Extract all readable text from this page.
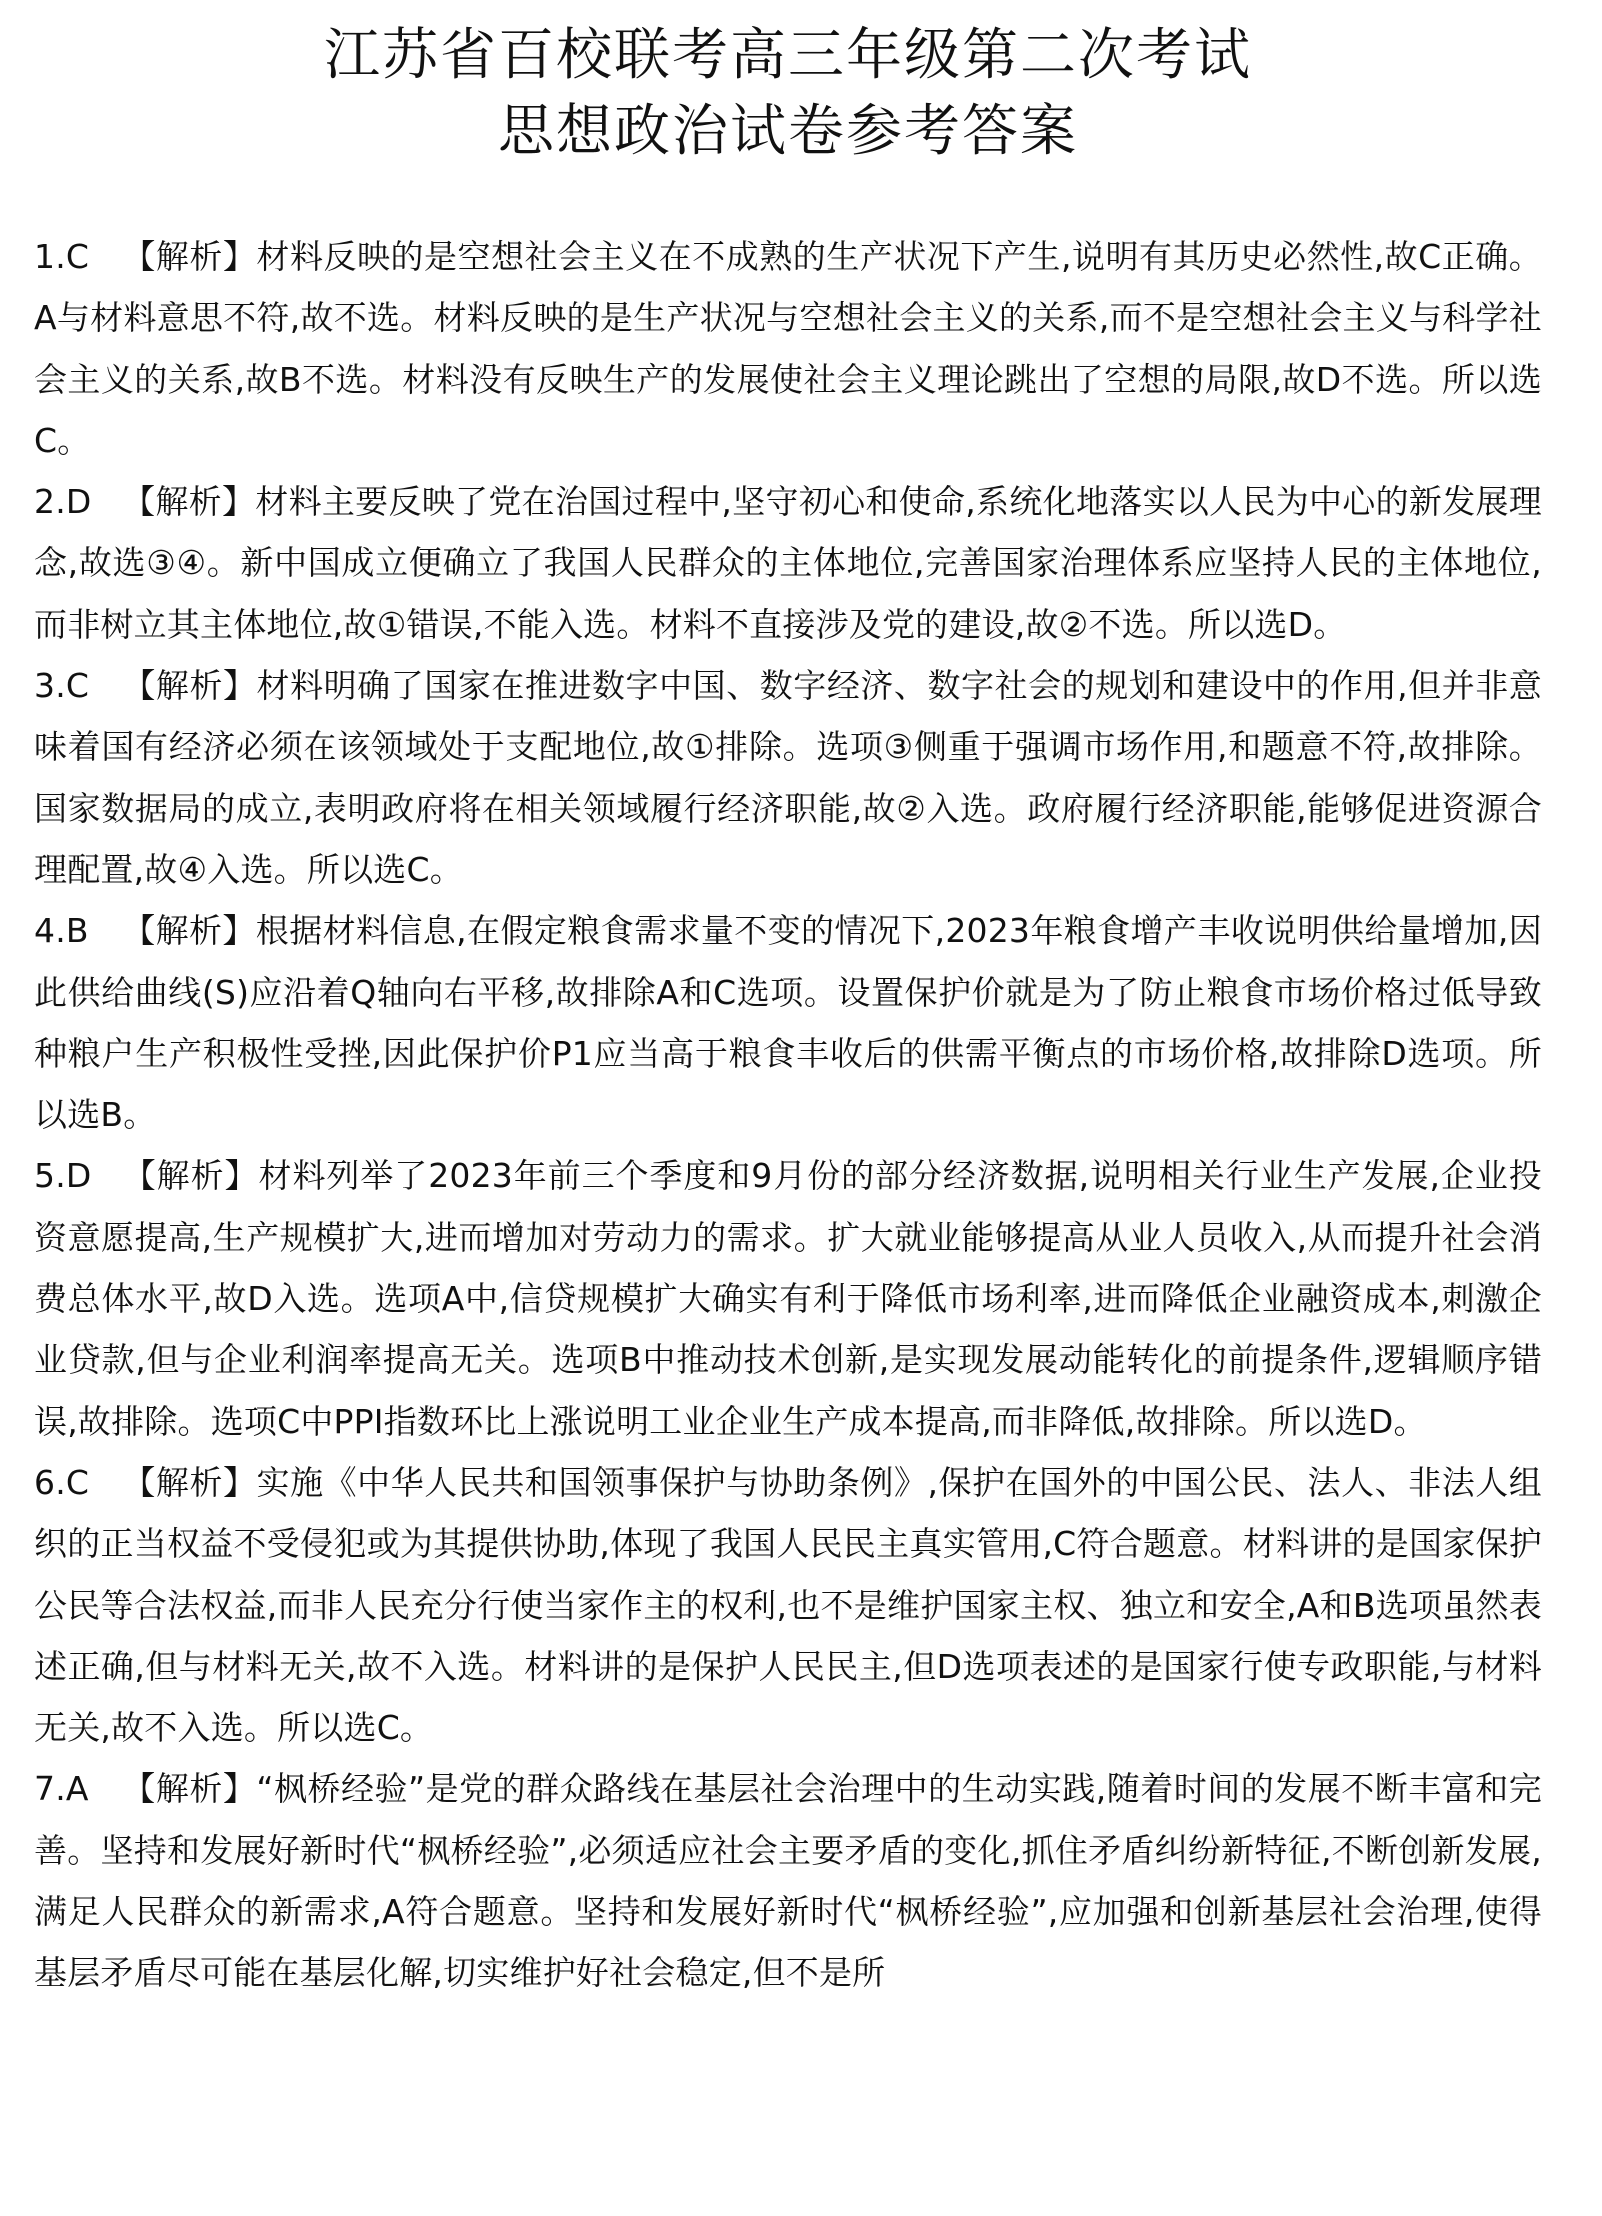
江苏省百校联考高三年级第二次考试
思想政治试卷参考答案
1.C 【解析】材料反映的是空想社会主义在不成熟的生产状况下产生,说明有其历史必然性,故C正确。A与材料意思不符,故不选。材料反映的是生产状况与空想社会主义的关系,而不是空想社会主义与科学社会主义的关系,故B不选。材料没有反映生产的发展使社会主义理论跳出了空想的局限,故D不选。所以选C。
2.D 【解析】材料主要反映了党在治国过程中,坚守初心和使命,系统化地落实以人民为中心的新发展理念,故选③④。新中国成立便确立了我国人民群众的主体地位,完善国家治理体系应坚持人民的主体地位,而非树立其主体地位,故①错误,不能入选。材料不直接涉及党的建设,故②不选。所以选D。
3.C 【解析】材料明确了国家在推进数字中国、数字经济、数字社会的规划和建设中的作用,但并非意味着国有经济必须在该领域处于支配地位,故①排除。选项③侧重于强调市场作用,和题意不符,故排除。国家数据局的成立,表明政府将在相关领域履行经济职能,故②入选。政府履行经济职能,能够促进资源合理配置,故④入选。所以选C。
4.B 【解析】根据材料信息,在假定粮食需求量不变的情况下,2023年粮食增产丰收说明供给量增加,因此供给曲线(S)应沿着Q轴向右平移,故排除A和C选项。设置保护价就是为了防止粮食市场价格过低导致种粮户生产积极性受挫,因此保护价P1应当高于粮食丰收后的供需平衡点的市场价格,故排除D选项。所以选B。
5.D 【解析】材料列举了2023年前三个季度和9月份的部分经济数据,说明相关行业生产发展,企业投资意愿提高,生产规模扩大,进而增加对劳动力的需求。扩大就业能够提高从业人员收入,从而提升社会消费总体水平,故D入选。选项A中,信贷规模扩大确实有利于降低市场利率,进而降低企业融资成本,刺激企业贷款,但与企业利润率提高无关。选项B中推动技术创新,是实现发展动能转化的前提条件,逻辑顺序错误,故排除。选项C中PPI指数环比上涨说明工业企业生产成本提高,而非降低,故排除。所以选D。
6.C 【解析】实施《中华人民共和国领事保护与协助条例》,保护在国外的中国公民、法人、非法人组织的正当权益不受侵犯或为其提供协助,体现了我国人民民主真实管用,C符合题意。材料讲的是国家保护公民等合法权益,而非人民充分行使当家作主的权利,也不是维护国家主权、独立和安全,A和B选项虽然表述正确,但与材料无关,故不入选。材料讲的是保护人民民主,但D选项表述的是国家行使专政职能,与材料无关,故不入选。所以选C。
7.A 【解析】“枫桥经验”是党的群众路线在基层社会治理中的生动实践,随着时间的发展不断丰富和完善。坚持和发展好新时代“枫桥经验”,必须适应社会主要矛盾的变化,抓住矛盾纠纷新特征,不断创新发展,满足人民群众的新需求,A符合题意。坚持和发展好新时代“枫桥经验”,应加强和创新基层社会治理,使得基层矛盾尽可能在基层化解,切实维护好社会稳定,但不是所
